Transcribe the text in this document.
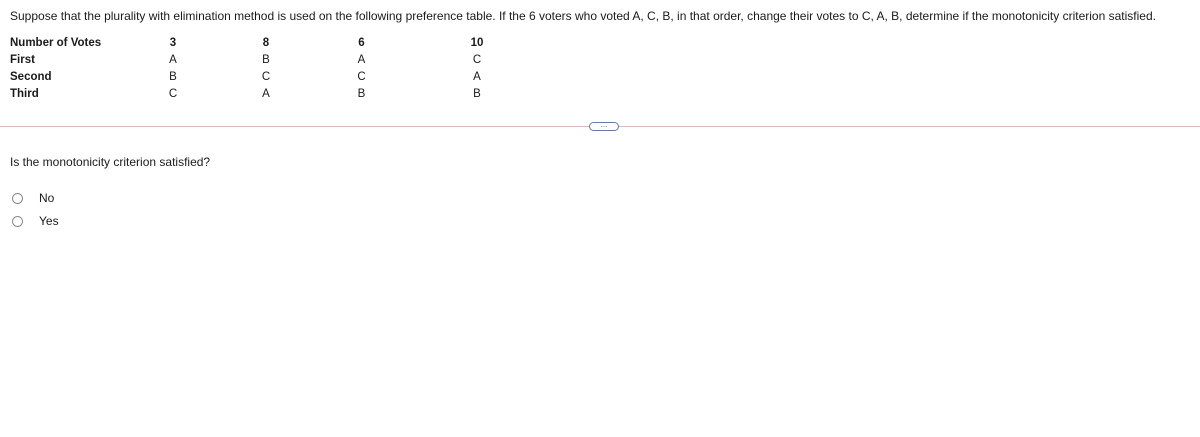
Suppose that the plurality with elimination method is used on the following preference table. If the 6 voters who voted A, C, B, in that order, change their votes to C, A, B, determine if the monotonicity criterion satisfied.
Number of Votes	3	8	6	10
First	A	B	A	C
Second	B	C	C	A
Third	C	A	B	B
...
Is the monotonicity criterion satisfied?
No
Yes
